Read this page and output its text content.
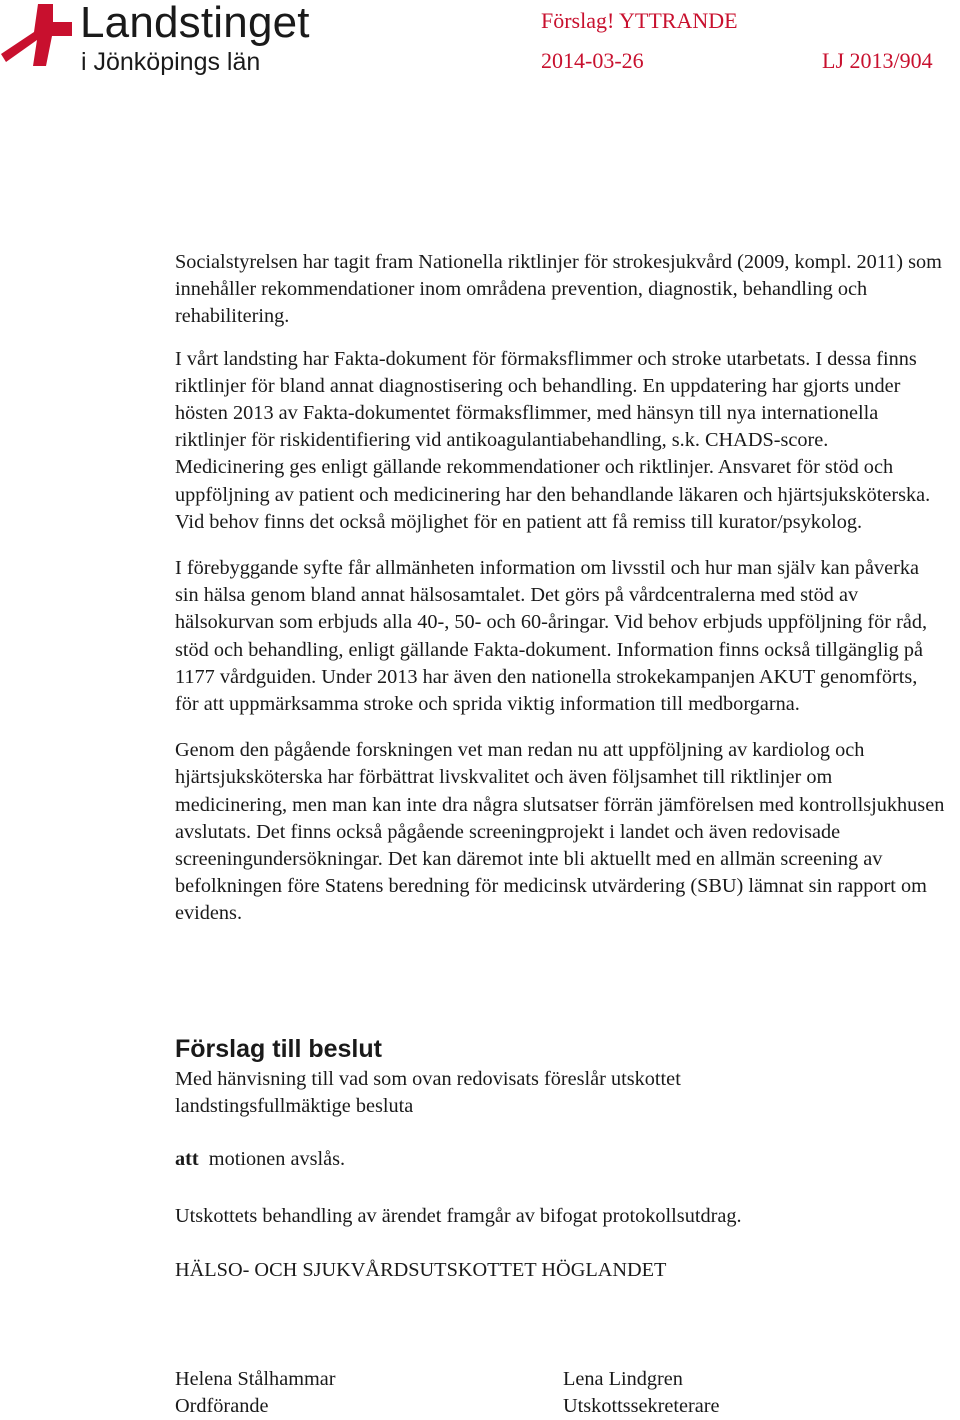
Landstinget
i Jönköpings län
Förslag! YTTRANDE
2014-03-26	LJ 2013/904

Socialstyrelsen har tagit fram Nationella riktlinjer för strokesjukvård (2009, kompl. 2011) som innehåller rekommendationer inom områdena prevention, diagnostik, behandling och rehabilitering.

I vårt landsting har Fakta-dokument för förmaksflimmer och stroke utarbetats. I dessa finns riktlinjer för bland annat diagnostisering och behandling. En uppdatering har gjorts under hösten 2013 av Fakta-dokumentet förmaksflimmer, med hänsyn till nya internationella riktlinjer för riskidentifiering vid antikoagulantiabehandling, s.k. CHADS-score.

Medicinering ges enligt gällande rekommendationer och riktlinjer. Ansvaret för stöd och uppföljning av patient och medicinering har den behandlande läkaren och hjärtsjuksköterska. Vid behov finns det också möjlighet för en patient att få remiss till kurator/psykolog.

I förebyggande syfte får allmänheten information om livsstil och hur man själv kan påverka sin hälsa genom bland annat hälsosamtalet. Det görs på vårdcentralerna med stöd av hälsokurvan som erbjuds alla 40-, 50- och 60-åringar. Vid behov erbjuds uppföljning för råd, stöd och behandling, enligt gällande Fakta-dokument. Information finns också tillgänglig på 1177 vårdguiden. Under 2013 har även den nationella strokekampanjen AKUT genomförts, för att uppmärksamma stroke och sprida viktig information till medborgarna.

Genom den pågående forskningen vet man redan nu att uppföljning av kardiolog och hjärtsjuksköterska har förbättrat livskvalitet och även följsamhet till riktlinjer om medicinering, men man kan inte dra några slutsatser förrän jämförelsen med kontrollsjukhusen avslutats. Det finns också pågående screeningprojekt i landet och även redovisade screeningundersökningar. Det kan däremot inte bli aktuellt med en allmän screening av befolkningen före Statens beredning för medicinsk utvärdering (SBU) lämnat sin rapport om evidens.

Förslag till beslut
Med hänvisning till vad som ovan redovisats föreslår utskottet landstingsfullmäktige besluta
att motionen avslås.
Utskottets behandling av ärendet framgår av bifogat protokollsutdrag.
HÄLSO- OCH SJUKVÅRDSUTSKOTTET HÖGLANDET
Helena Stålhammar
Ordförande
Lena Lindgren
Utskottssekreterare
